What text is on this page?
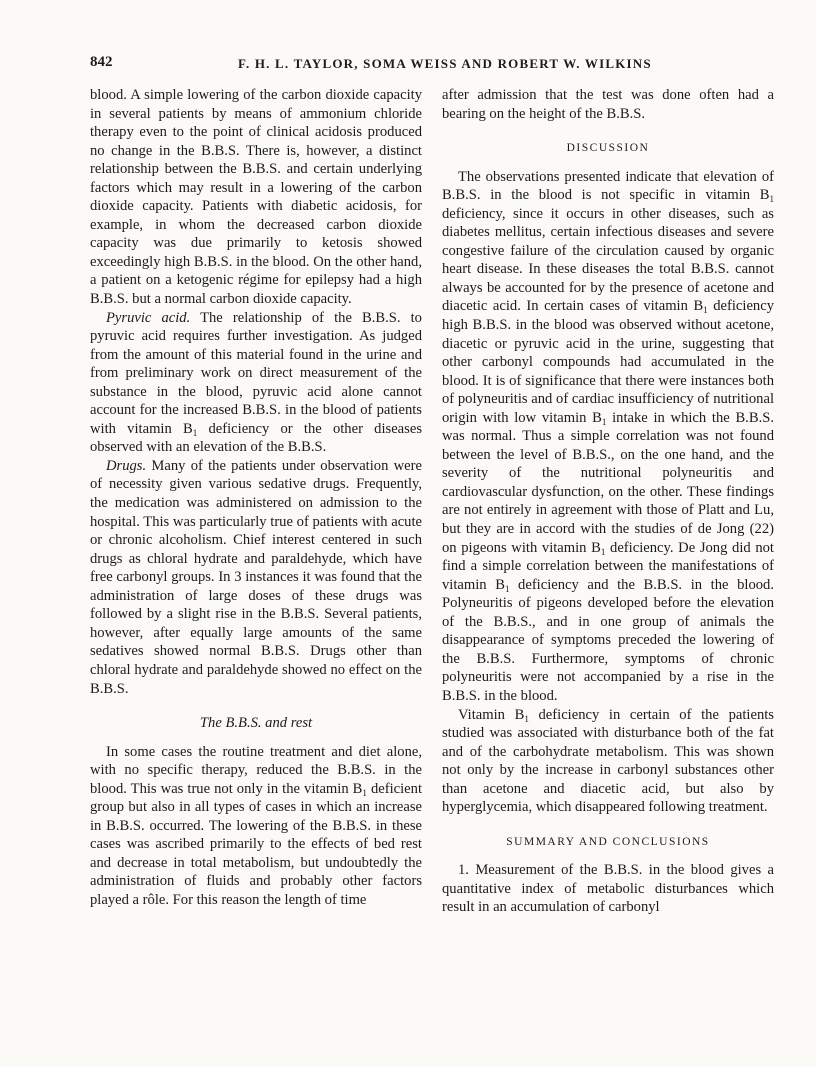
842	F. H. L. TAYLOR, SOMA WEISS AND ROBERT W. WILKINS

blood. A simple lowering of the carbon dioxide capacity in several patients by means of ammonium chloride therapy even to the point of clinical acidosis produced no change in the B.B.S. There is, however, a distinct relationship between the B.B.S. and certain underlying factors which may result in a lowering of the carbon dioxide capacity. Patients with diabetic acidosis, for example, in whom the decreased carbon dioxide capacity was due primarily to ketosis showed exceedingly high B.B.S. in the blood. On the other hand, a patient on a ketogenic régime for epilepsy had a high B.B.S. but a normal carbon dioxide capacity.

Pyruvic acid. The relationship of the B.B.S. to pyruvic acid requires further investigation. As judged from the amount of this material found in the urine and from preliminary work on direct measurement of the substance in the blood, pyruvic acid alone cannot account for the increased B.B.S. in the blood of patients with vitamin $B_1$ deficiency or the other diseases observed with an elevation of the B.B.S.

Drugs. Many of the patients under observation were of necessity given various sedative drugs. Frequently, the medication was administered on admission to the hospital. This was particularly true of patients with acute or chronic alcoholism. Chief interest centered in such drugs as chloral hydrate and paraldehyde, which have free carbonyl groups. In 3 instances it was found that the administration of large doses of these drugs was followed by a slight rise in the B.B.S. Several patients, however, after equally large amounts of the same sedatives showed normal B.B.S. Drugs other than chloral hydrate and paraldehyde showed no effect on the B.B.S.

The B.B.S. and rest

In some cases the routine treatment and diet alone, with no specific therapy, reduced the B.B.S. in the blood. This was true not only in the vitamin $B_1$ deficient group but also in all types of cases in which an increase in B.B.S. occurred. The lowering of the B.B.S. in these cases was ascribed primarily to the effects of bed rest and decrease in total metabolism, but undoubtedly the administration of fluids and probably other factors played a rôle. For this reason the length of time

after admission that the test was done often had a bearing on the height of the B.B.S.

DISCUSSION

The observations presented indicate that elevation of B.B.S. in the blood is not specific in vitamin $B_1$ deficiency, since it occurs in other diseases, such as diabetes mellitus, certain infectious diseases and severe congestive failure of the circulation caused by organic heart disease. In these diseases the total B.B.S. cannot always be accounted for by the presence of acetone and diacetic acid. In certain cases of vitamin $B_1$ deficiency high B.B.S. in the blood was observed without acetone, diacetic or pyruvic acid in the urine, suggesting that other carbonyl compounds had accumulated in the blood. It is of significance that there were instances both of polyneuritis and of cardiac insufficiency of nutritional origin with low vitamin $B_1$ intake in which the B.B.S. was normal. Thus a simple correlation was not found between the level of B.B.S., on the one hand, and the severity of the nutritional polyneuritis and cardiovascular dysfunction, on the other. These findings are not entirely in agreement with those of Platt and Lu, but they are in accord with the studies of de Jong (22) on pigeons with vitamin $B_1$ deficiency. De Jong did not find a simple correlation between the manifestations of vitamin $B_1$ deficiency and the B.B.S. in the blood. Polyneuritis of pigeons developed before the elevation of the B.B.S., and in one group of animals the disappearance of symptoms preceded the lowering of the B.B.S. Furthermore, symptoms of chronic polyneuritis were not accompanied by a rise in the B.B.S. in the blood.

Vitamin $B_1$ deficiency in certain of the patients studied was associated with disturbance both of the fat and of the carbohydrate metabolism. This was shown not only by the increase in carbonyl substances other than acetone and diacetic acid, but also by hyperglycemia, which disappeared following treatment.

SUMMARY AND CONCLUSIONS

1. Measurement of the B.B.S. in the blood gives a quantitative index of metabolic disturbances which result in an accumulation of carbonyl
